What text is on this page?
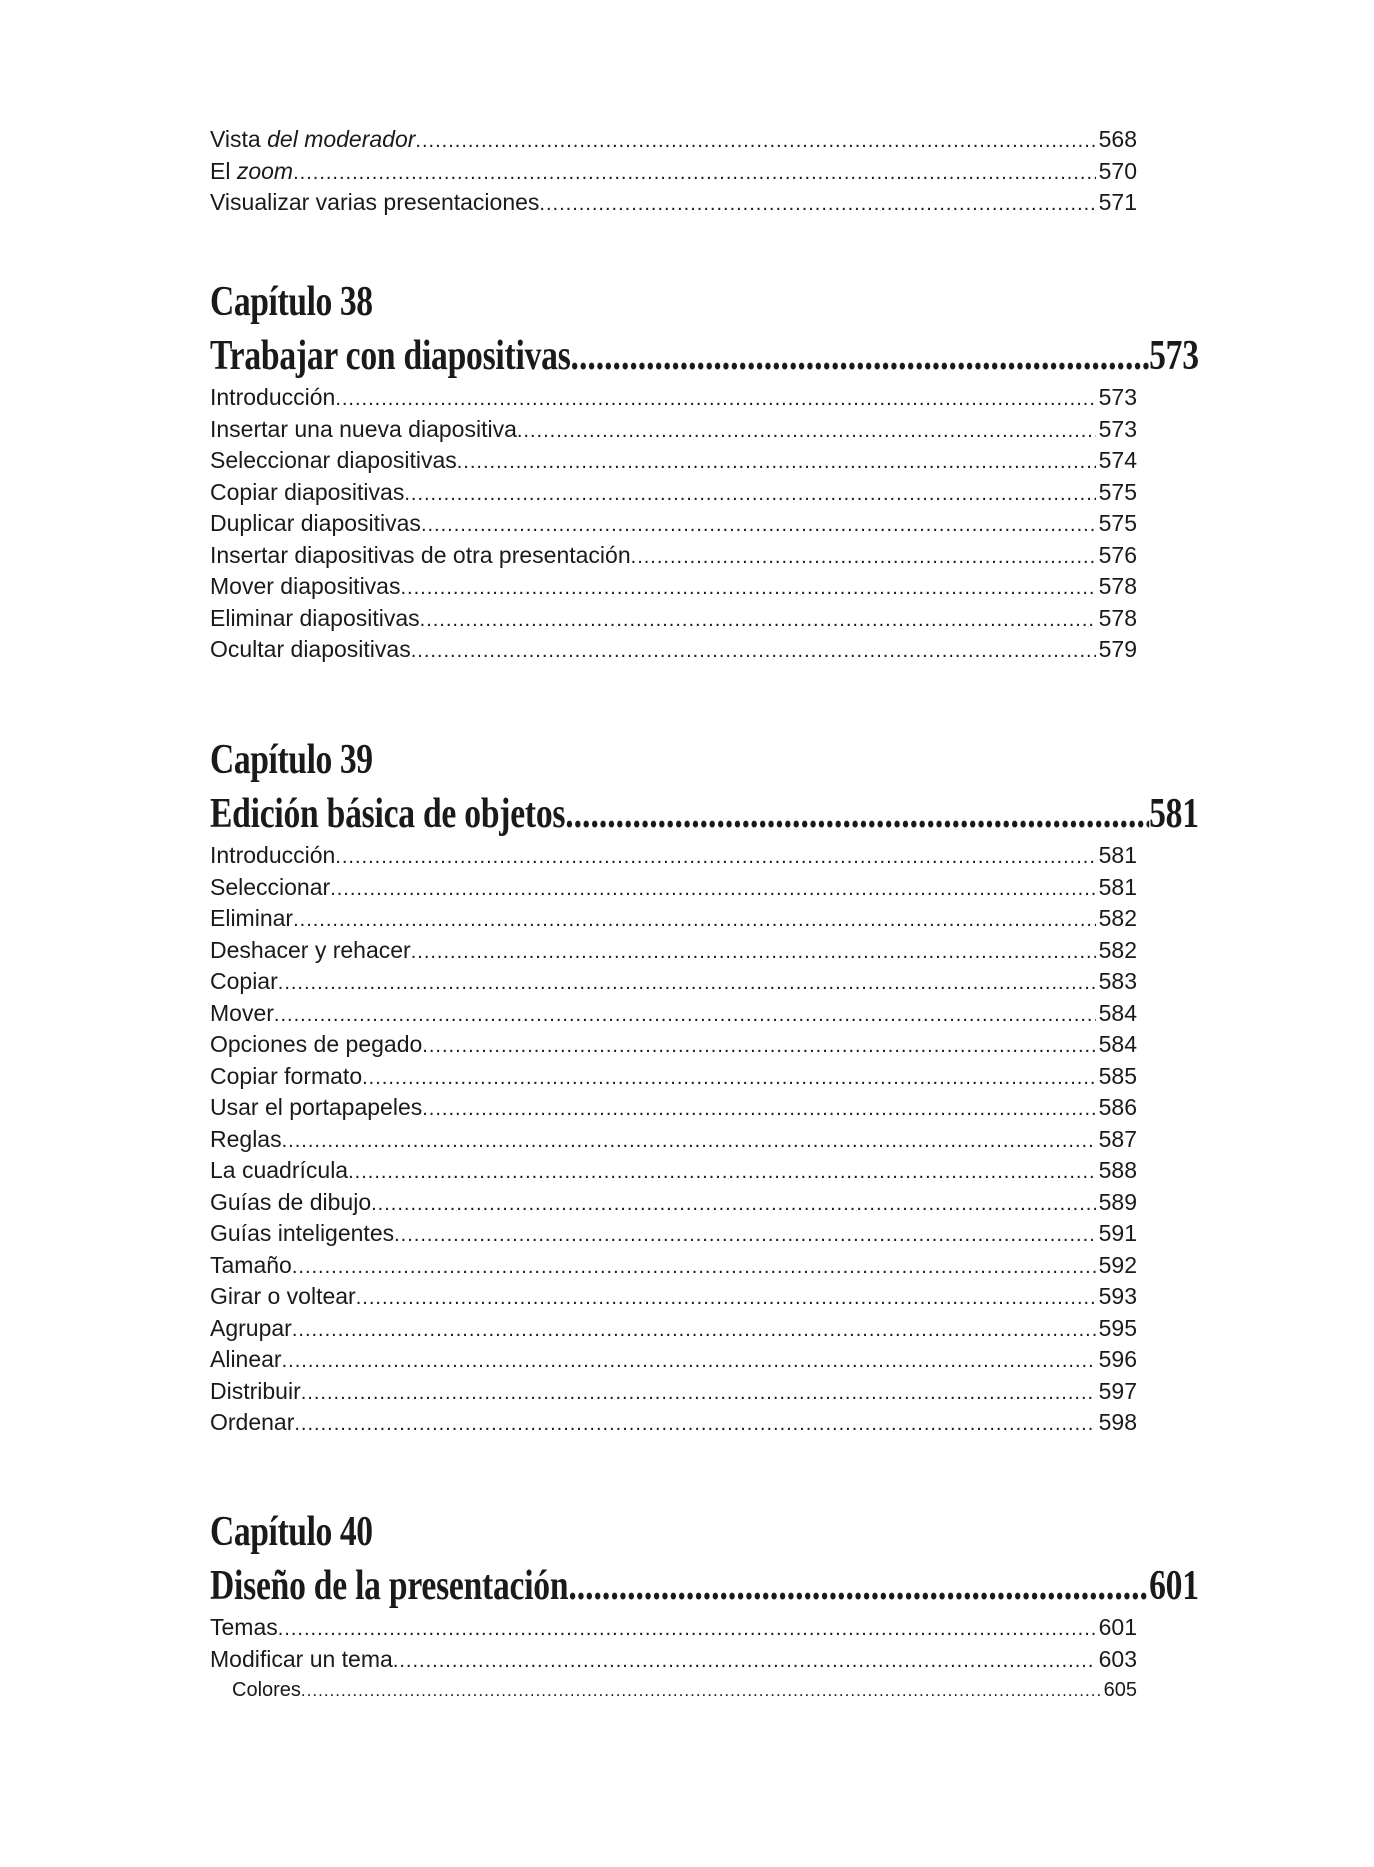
Vista del moderador .....	568
El zoom .....	570
Visualizar varias presentaciones .....	571
Capítulo 38
Trabajar con diapositivas .....	573
Introducción .....	573
Insertar una nueva diapositiva .....	573
Seleccionar diapositivas .....	574
Copiar diapositivas .....	575
Duplicar diapositivas .....	575
Insertar diapositivas de otra presentación .....	576
Mover diapositivas .....	578
Eliminar diapositivas .....	578
Ocultar diapositivas .....	579
Capítulo 39
Edición básica de objetos .....	581
Introducción .....	581
Seleccionar .....	581
Eliminar .....	582
Deshacer y rehacer .....	582
Copiar .....	583
Mover .....	584
Opciones de pegado .....	584
Copiar formato .....	585
Usar el portapapeles .....	586
Reglas .....	587
La cuadrícula .....	588
Guías de dibujo .....	589
Guías inteligentes .....	591
Tamaño .....	592
Girar o voltear .....	593
Agrupar .....	595
Alinear .....	596
Distribuir .....	597
Ordenar .....	598
Capítulo 40
Diseño de la presentación .....	601
Temas .....	601
Modificar un tema .....	603
Colores .....	605
